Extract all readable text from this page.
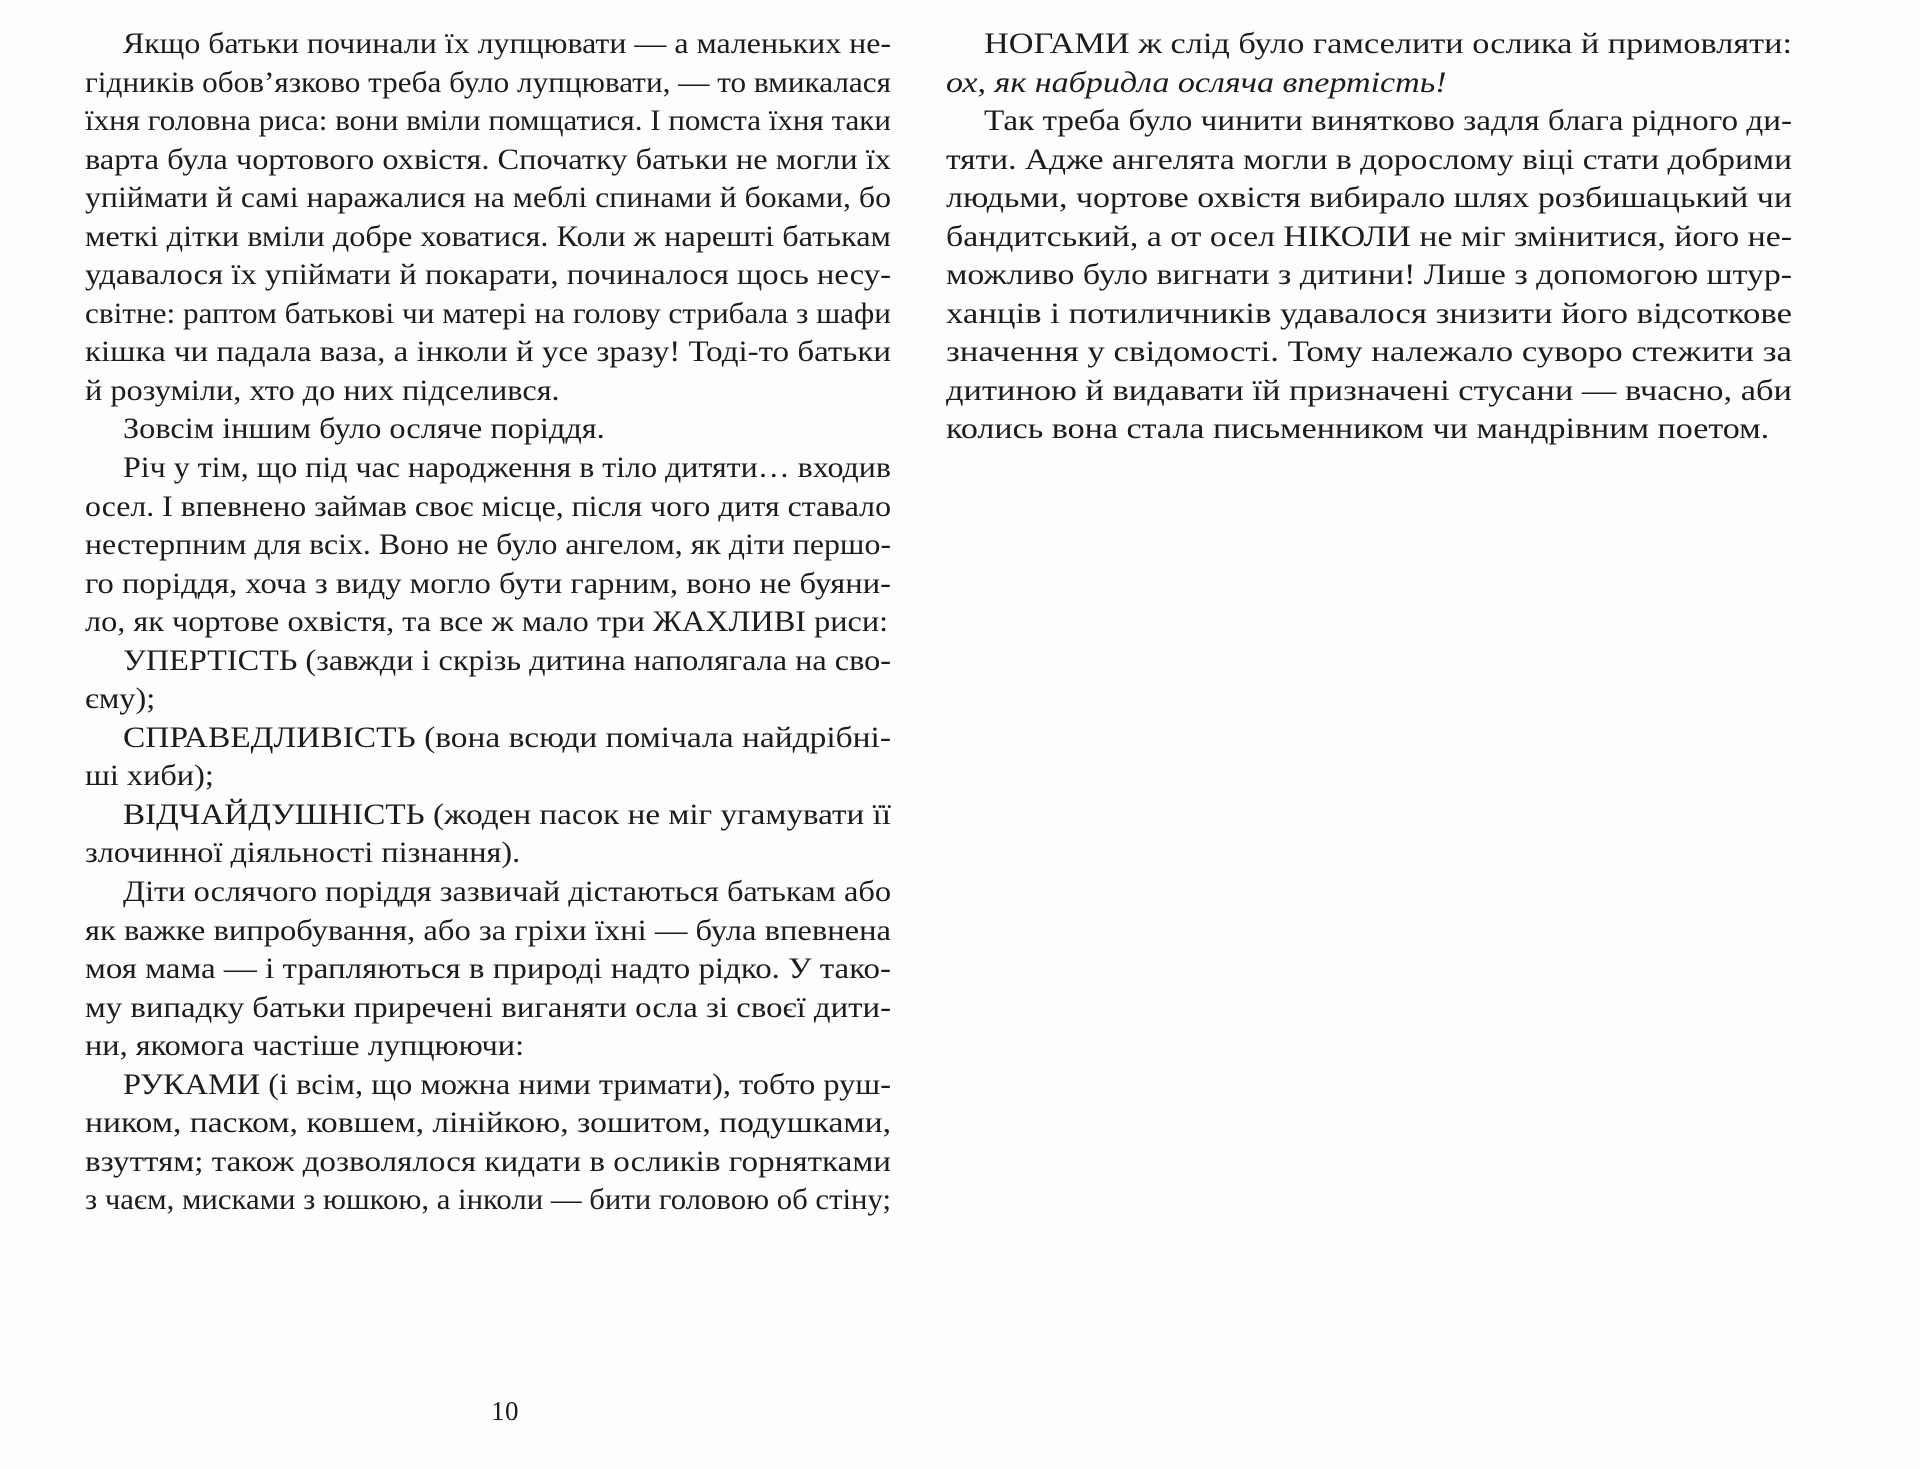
Якщо батьки починали їх лупцювати — а маленьких не-
гідників обов’язково треба було лупцювати, — то вмикалася
їхня головна риса: вони вміли помщатися. І помста їхня таки
варта була чортового охвістя. Спочатку батьки не могли їх
упіймати й самі наражалися на меблі спинами й боками, бо
меткі дітки вміли добре ховатися. Коли ж нарешті батькам
удавалося їх упіймати й покарати, починалося щось несу-
світне: раптом батькові чи матері на голову стрибала з шафи
кішка чи падала ваза, а інколи й усе зразу! Тоді-то батьки
й розуміли, хто до них підселився.
Зовсім іншим було осляче поріддя.
Річ у тім, що під час народження в тіло дитяти… входив
осел. І впевнено займав своє місце, після чого дитя ставало
нестерпним для всіх. Воно не було ангелом, як діти першо-
го поріддя, хоча з виду могло бути гарним, воно не буяни-
ло, як чортове охвістя, та все ж мало три ЖАХЛИВІ риси:
УПЕРТІСТЬ (завжди і скрізь дитина наполягала на сво-
єму);
СПРАВЕДЛИВІСТЬ (вона всюди помічала найдрібні-
ші хиби);
ВІДЧАЙДУШНІСТЬ (жоден пасок не міг угамувати її
злочинної діяльності пізнання).
Діти ослячого поріддя зазвичай дістаються батькам або
як важке випробування, або за гріхи їхні — була впевнена
моя мама — і трапляються в природі надто рідко. У тако-
му випадку батьки приречені виганяти осла зі своєї дити-
ни, якомога частіше лупцюючи:
РУКАМИ (і всім, що можна ними тримати), тобто руш-
ником, паском, ковшем, лінійкою, зошитом, подушками,
взуттям; також дозволялося кидати в осликів горнятками
з чаєм, мисками з юшкою, а інколи — бити головою об стіну;
НОГАМИ ж слід було гамселити ослика й примовляти:
ох, як набридла осляча впертість!
Так треба було чинити винятково задля блага рідного ди-
тяти. Адже ангелята могли в дорослому віці стати добрими
людьми, чортове охвістя вибирало шлях розбишацький чи
бандитський, а от осел НІКОЛИ не міг змінитися, його не-
можливо було вигнати з дитини! Лише з допомогою штур-
ханців і потиличників удавалося знизити його відсоткове
значення у свідомості. Тому належало суворо стежити за
дитиною й видавати їй призначені стусани — вчасно, аби
колись вона стала письменником чи мандрівним поетом.
10
